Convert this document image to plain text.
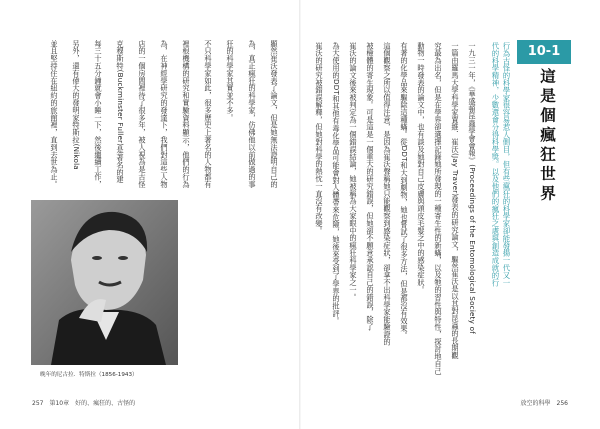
10-1
這是個瘋狂世界
行為古怪的科學家很容易惹人側目，但有些瘋狂的科學家卻能發揚一代又一代的科學精神，少數還會分得科學獎。以及他們的瘋狂之處與創造成就的行
一九三一年，《華盛頓昆蟲學會會報》(Proceedings of the Entomological Society of
一篇由羅馬大學科學家賈維．崔沃(Jay Traver)發表的研究論文，驅然崔沃是以其對昆蟲的長期觀
究最為出名，但是在學界卻選擇記錄她所發現的一種寄生性的新蟎，以及牠的習性與特性，探討地自己
動物一時發表的論文中，也有談及她對自己皮膚與頭皮毛髮之中的感染症狀。
有著的化學品來驅除這種蟎。從DDT和大到劇物，她也嘗試了很多方法，但是都沒有效果。
這個觀察之所以值得注意，是因為崔沃聲稱她只能觀察到感染症狀，卻拿不出科學家能驗證的
被檢體的寄生現象。可是這是一個重大的研究錯誤，但她卻不願意承認自己的錯誤，除了
崔沃的論文後來被判定為一個錯誤結論，她被稱為大家眼中的瘋狂科學家之一。
為大使用的DDT和其他有毒化學品可能會對人體帶來危險，她後來受到了學界的批評。
崔沃的研究被錯誤解釋，但她對科學的熱忱一直沒有改變。
顯然崔沃發表了論文，但是她無法證明自己的
為，真正瘋狂的科學家，仿佛他以前做過的事
狂的科學家其實並不多。
不只科學家如此，很多歷史上著名的人物都有
裡根機構的研究和實驗資料顯示，他們的行為
為，在神經學研究的發達下，我們對這些人物
店的一個房間裡待了很多年，被人視為是古怪
克穆斯特(Buckminster Fuller)是著名的建
每三十五分鐘就會小睡一下，然後繼續工作，
另外，還有偉大的發明家特斯拉(Nikola
並且堅持住在紐約的旅館裡，直到去世為止。
晚年的尼古拉．特斯拉（1856-1943）
257　第10章　好的、瘋狂的、古怪的	放空的科學　256
